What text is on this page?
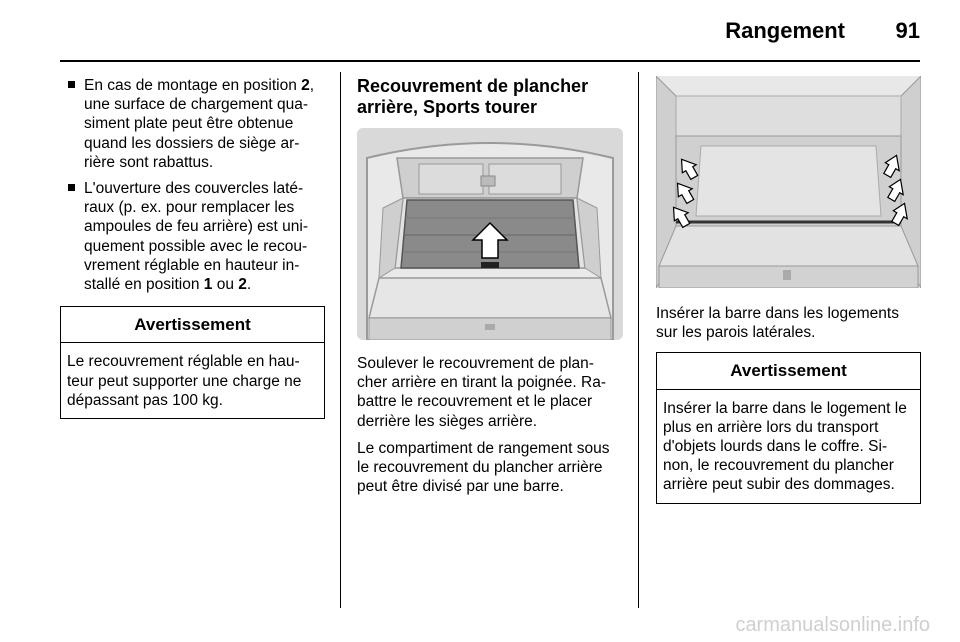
Rangement	91
En cas de montage en position 2, une surface de chargement qua- siment plate peut être obtenue quand les dossiers de siège ar- rière sont rabattus.
L'ouverture des couvercles laté- raux (p. ex. pour remplacer les ampoules de feu arrière) est uni- quement possible avec le recou- vrement réglable en hauteur in- stallé en position 1 ou 2.
Avertissement
Le recouvrement réglable en hau- teur peut supporter une charge ne dépassant pas 100 kg.
Recouvrement de plancher arrière, Sports tourer

Soulever le recouvrement de plan- cher arrière en tirant la poignée. Ra- battre le recouvrement et le placer derrière les sièges arrière.

Le compartiment de rangement sous le recouvrement du plancher arrière peut être divisé par une barre.

Insérer la barre dans les logements sur les parois latérales.

Avertissement
Insérer la barre dans le logement le plus en arrière lors du transport d'objets lourds dans le coffre. Si- non, le recouvrement du plancher arrière peut subir des dommages.
carmanualsonline.info
